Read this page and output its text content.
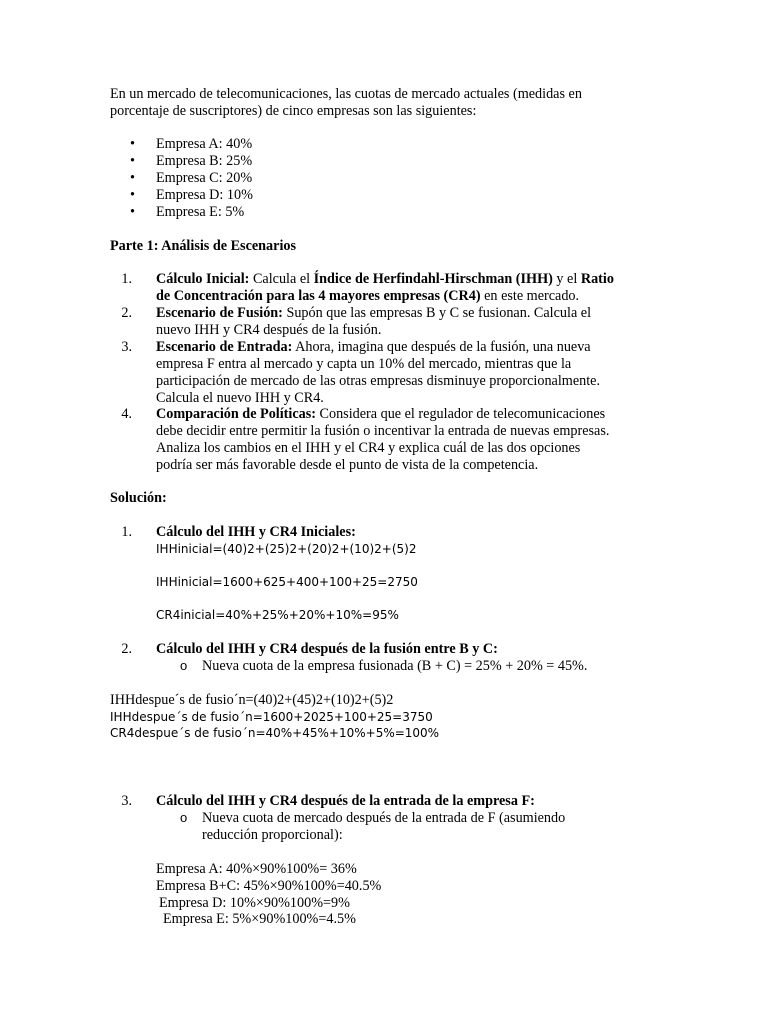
En un mercado de telecomunicaciones, las cuotas de mercado actuales (medidas en
porcentaje de suscriptores) de cinco empresas son las siguientes:
Empresa A: 40%
Empresa B: 25%
Empresa C: 20%
Empresa D: 10%
Empresa E: 5%
Parte 1: Análisis de Escenarios
1. Cálculo Inicial: Calcula el Índice de Herfindahl-Hirschman (IHH) y el Ratio
de Concentración para las 4 mayores empresas (CR4) en este mercado.
2. Escenario de Fusión: Supón que las empresas B y C se fusionan. Calcula el
nuevo IHH y CR4 después de la fusión.
3. Escenario de Entrada: Ahora, imagina que después de la fusión, una nueva
empresa F entra al mercado y capta un 10% del mercado, mientras que la
participación de mercado de las otras empresas disminuye proporcionalmente.
Calcula el nuevo IHH y CR4.
4. Comparación de Políticas: Considera que el regulador de telecomunicaciones
debe decidir entre permitir la fusión o incentivar la entrada de nuevas empresas.
Analiza los cambios en el IHH y el CR4 y explica cuál de las dos opciones
podría ser más favorable desde el punto de vista de la competencia.
Solución:
1. Cálculo del IHH y CR4 Iniciales:
IHHinicial=(40)2+(25)2+(20)2+(10)2+(5)2
IHHinicial=1600+625+400+100+25=2750
CR4inicial=40%+25%+20%+10%=95%
2. Cálculo del IHH y CR4 después de la fusión entre B y C:
o Nueva cuota de la empresa fusionada (B + C) = 25% + 20% = 45%.
IHHdespue´s de fusio´n=(40)2+(45)2+(10)2+(5)2
IHHdespue´s de fusio´n=1600+2025+100+25=3750
CR4despue´s de fusio´n=40%+45%+10%+5%=100%
3. Cálculo del IHH y CR4 después de la entrada de la empresa F:
o Nueva cuota de mercado después de la entrada de F (asumiendo
reducción proporcional):
Empresa A: 40%×90%100%= 36%
Empresa B+C: 45%×90%100%=40.5%
Empresa D: 10%×90%100%=9%
Empresa E: 5%×90%100%=4.5%
